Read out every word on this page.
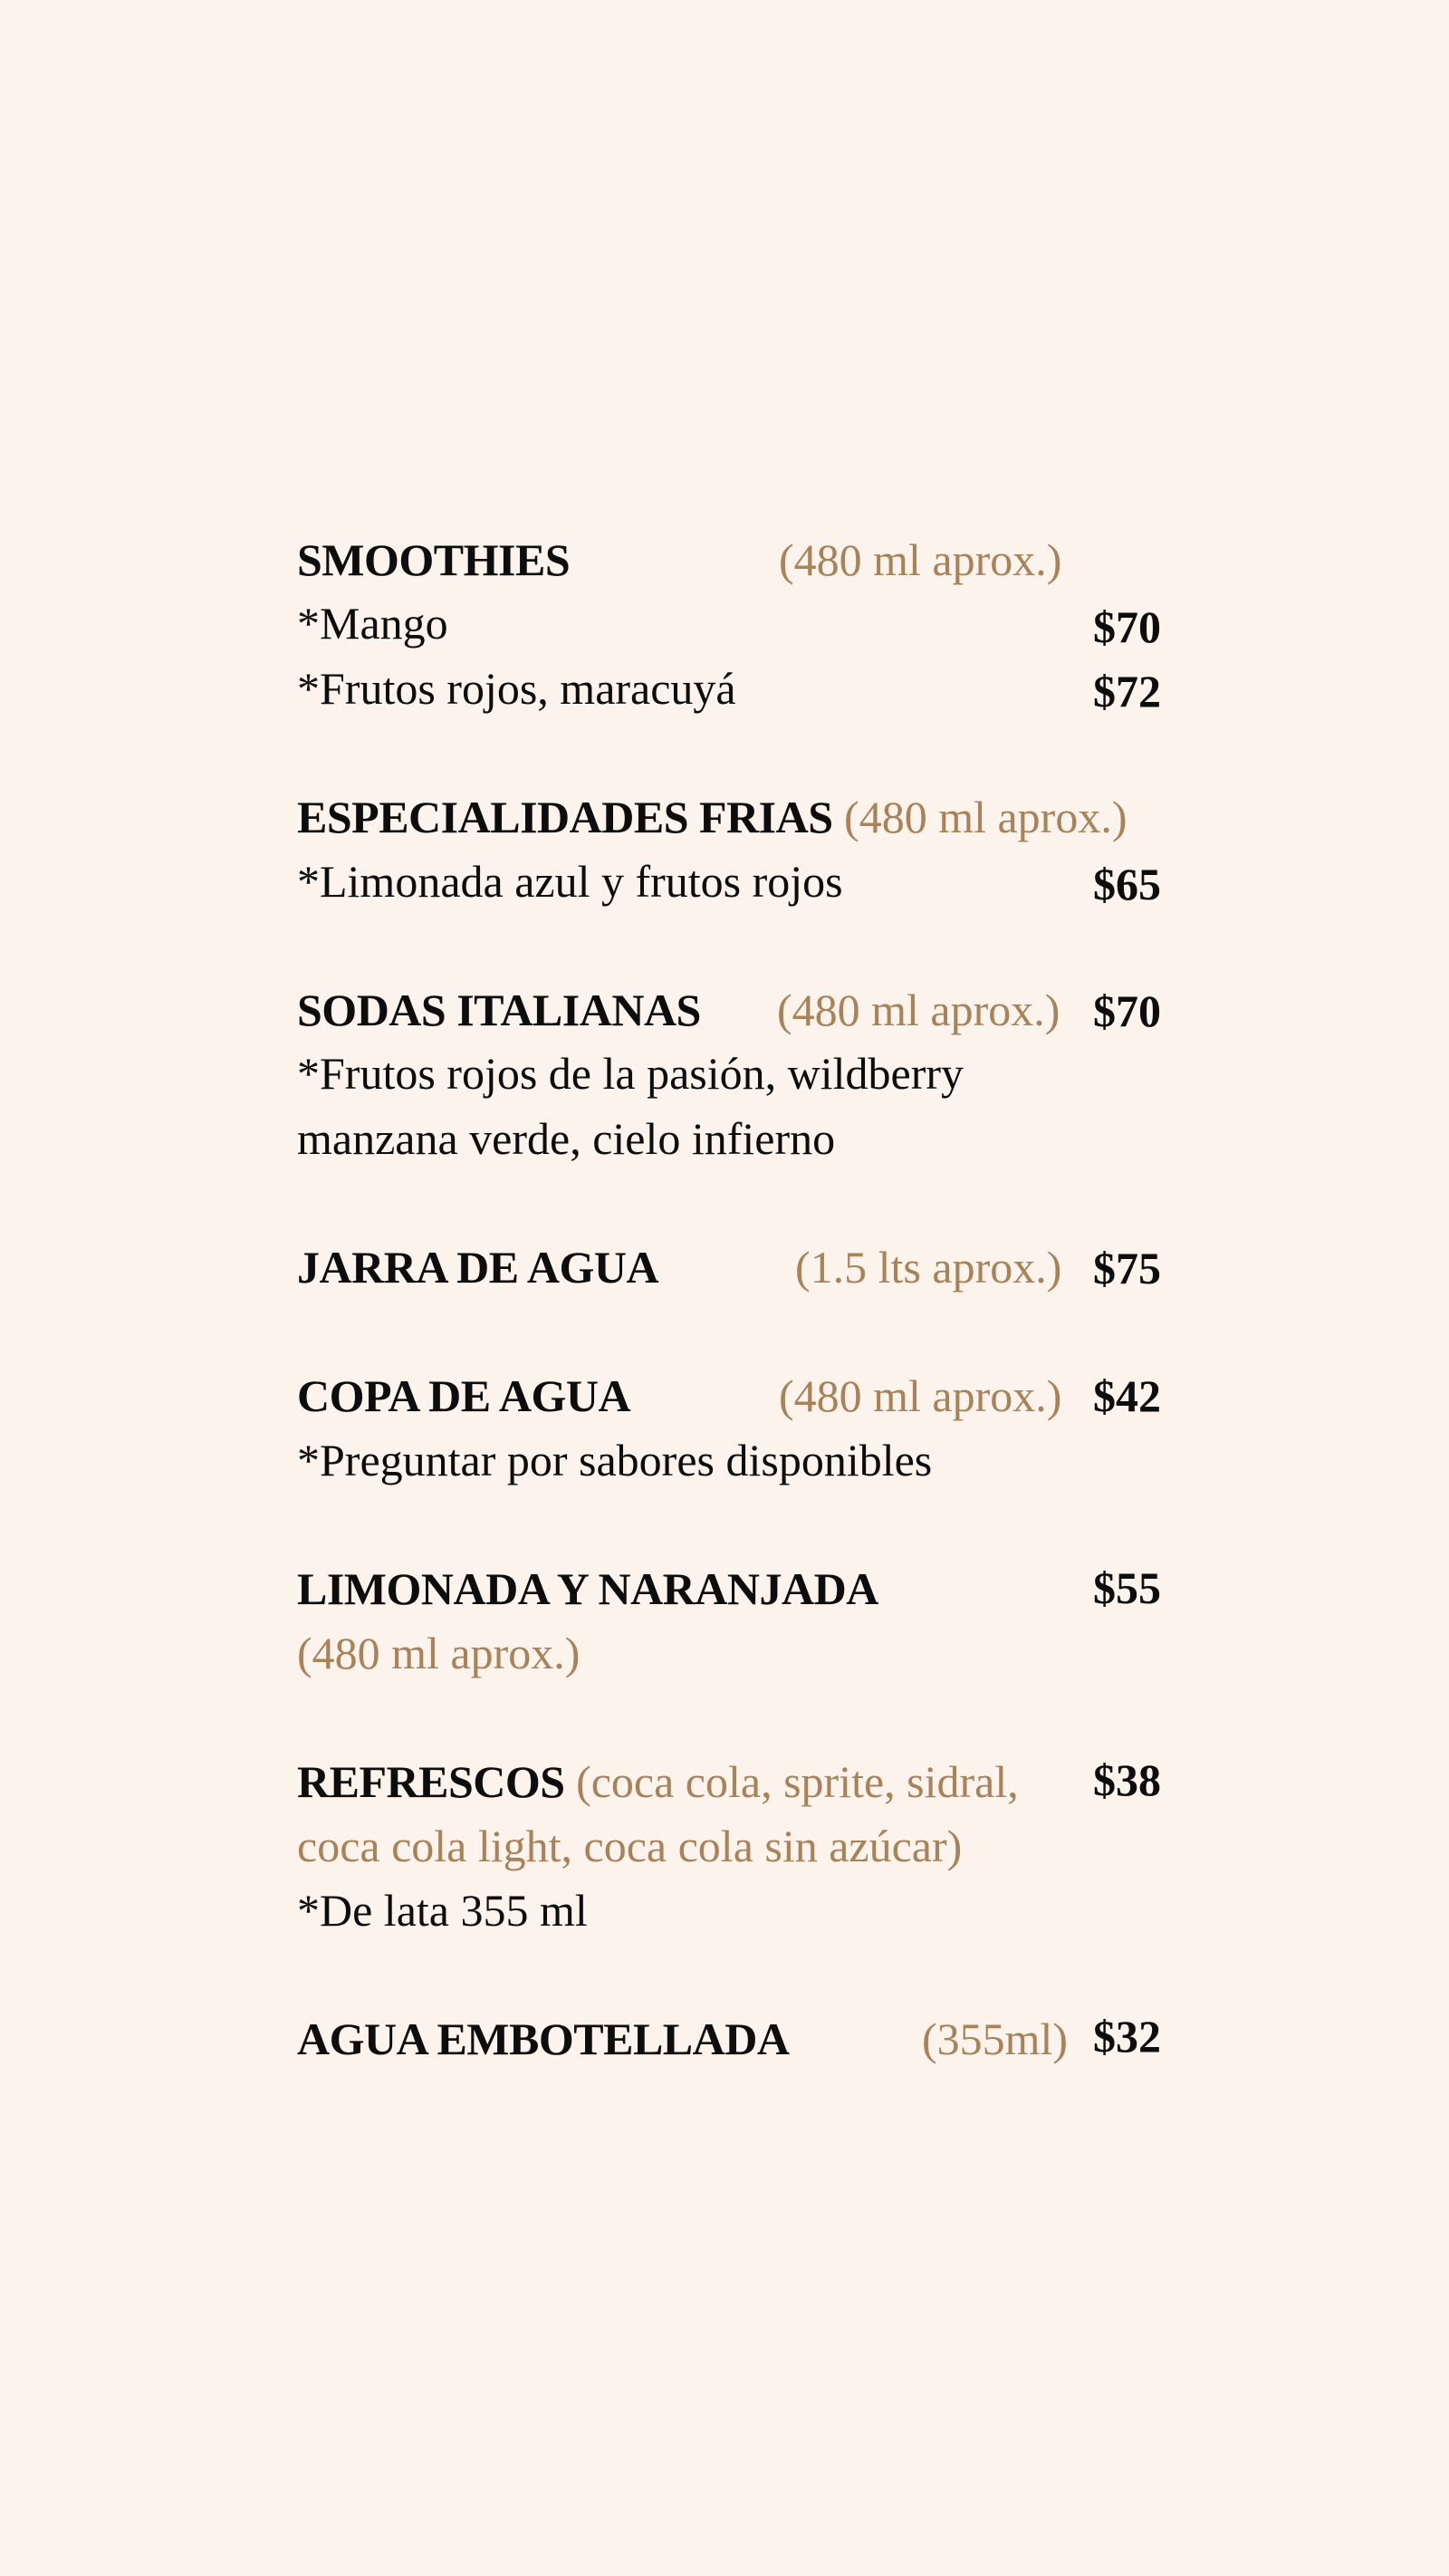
SMOOTHIES	(480 ml aprox.)
*Mango	$70
*Frutos rojos, maracuyá	$72
ESPECIALIDADES FRIAS (480 ml aprox.)
*Limonada azul y frutos rojos	$65
SODAS ITALIANAS (480 ml aprox.) $70
*Frutos rojos de la pasión, wildberry
manzana verde, cielo infierno
JARRA DE AGUA	(1.5 lts aprox.) $75
COPA DE AGUA	(480 ml aprox.) $42
*Preguntar por sabores disponibles
LIMONADA Y NARANJADA	$55
(480 ml aprox.)
REFRESCOS (coca cola, sprite, sidral, $38
coca cola light, coca cola sin azúcar)
*De lata 355 ml
AGUA EMBOTELLADA	(355ml) $32
